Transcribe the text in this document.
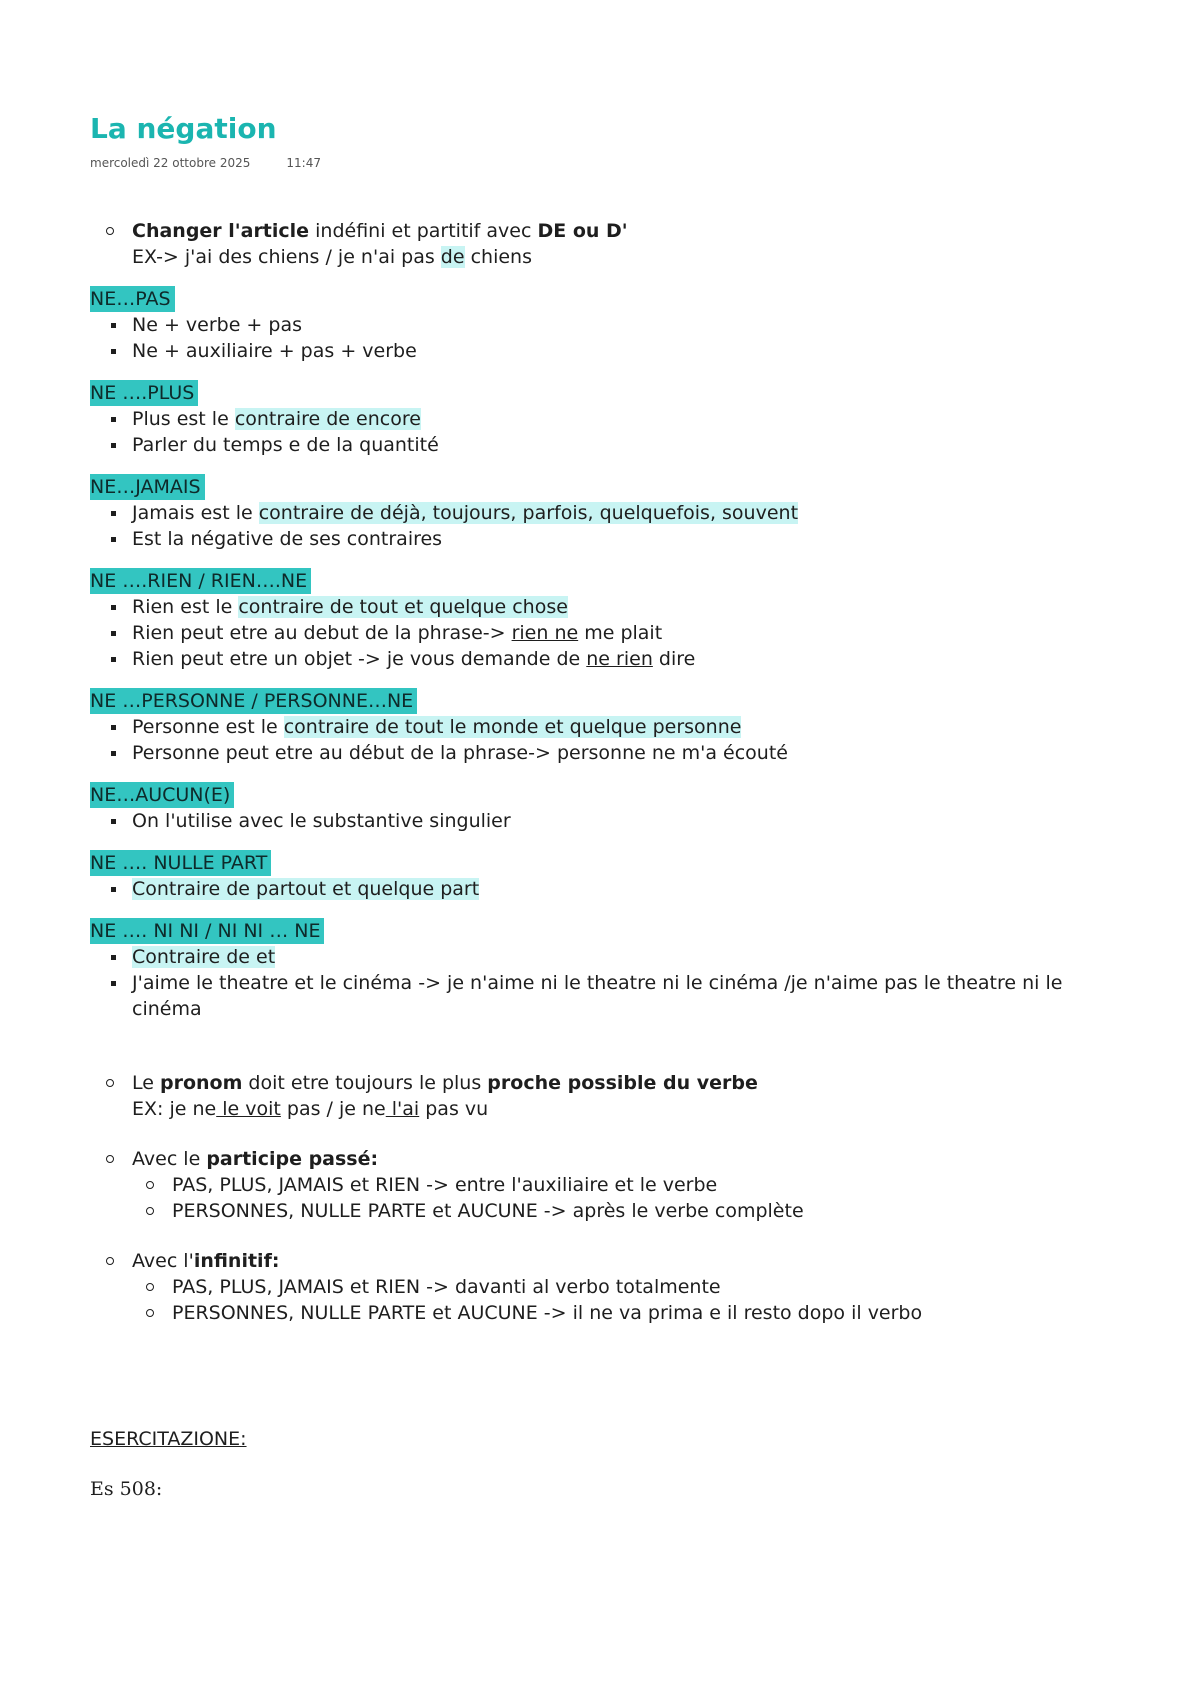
La négation
mercoledì 22 ottobre 2025	11:47
Changer l'article indéfini et partitif avec DE ou D'
EX-> j'ai des chiens / je n'ai pas de chiens
NE…PAS
Ne + verbe + pas
Ne + auxiliaire + pas + verbe
NE ….PLUS
Plus est le contraire de encore
Parler du temps e de la quantité
NE…JAMAIS
Jamais est le contraire de déjà, toujours, parfois, quelquefois, souvent
Est la négative de ses contraires
NE ….RIEN / RIEN….NE
Rien est le contraire de tout et quelque chose
Rien peut etre au debut de la phrase-> rien ne me plait
Rien peut etre un objet -> je vous demande de ne rien dire
NE …PERSONNE / PERSONNE…NE
Personne est le contraire de tout le monde et quelque personne
Personne peut etre au début de la phrase-> personne ne m'a écouté
NE…AUCUN(E)
On l'utilise avec le substantive singulier
NE …. NULLE PART
Contraire de partout et quelque part
NE …. NI NI / NI NI … NE
Contraire de et
J'aime le theatre et le cinéma -> je n'aime ni le theatre ni le cinéma /je n'aime pas le theatre ni le cinéma
Le pronom doit etre toujours le plus proche possible du verbe
EX: je ne le voit pas / je ne l'ai pas vu
Avec le participe passé:
PAS, PLUS, JAMAIS et RIEN -> entre l'auxiliaire et le verbe
PERSONNES, NULLE PARTE et AUCUNE -> après le verbe complète
Avec l'infinitif:
PAS, PLUS, JAMAIS et RIEN -> davanti al verbo totalmente
PERSONNES, NULLE PARTE et AUCUNE -> il ne va prima e il resto dopo il verbo
ESERCITAZIONE:
Es 508:
